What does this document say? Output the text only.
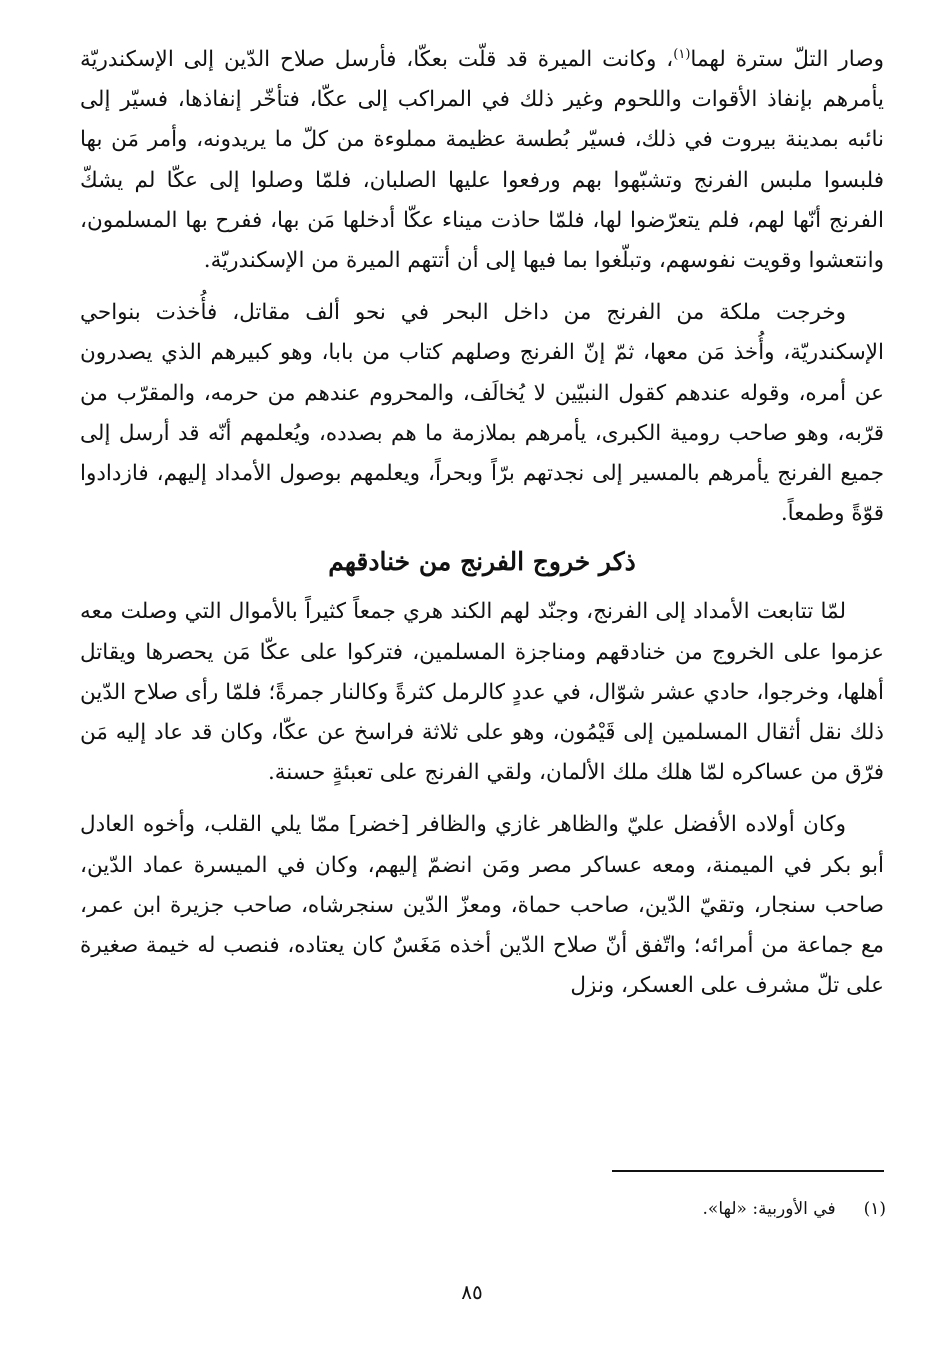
وصار التلّ سترة لهما$^{(١)}$، وكانت الميرة قد قلّت بعكّا، فأرسل صلاح الدّين إلى الإسكندريّة يأمرهم بإنفاذ الأقوات واللحوم وغير ذلك في المراكب إلى عكّا، فتأخّر إنفاذها، فسيّر إلى نائبه بمدينة بيروت في ذلك، فسيّر بُطسة عظيمة مملوءة من كلّ ما يريدونه، وأمر مَن بها فلبسوا ملبس الفرنج وتشبّهوا بهم ورفعوا عليها الصلبان، فلمّا وصلوا إلى عكّا لم يشكّ الفرنج أنّها لهم، فلم يتعرّضوا لها، فلمّا حاذت ميناء عكّا أدخلها مَن بها، ففرح بها المسلمون، وانتعشوا وقويت نفوسهم، وتبلّغوا بما فيها إلى أن أتتهم الميرة من الإسكندريّة.

وخرجت ملكة من الفرنج من داخل البحر في نحو ألف مقاتل، فأُخذت بنواحي الإسكندريّة، وأُخذ مَن معها، ثمّ إنّ الفرنج وصلهم كتاب من بابا، وهو كبيرهم الذي يصدرون عن أمره، وقوله عندهم كقول النبيّين لا يُخالَف، والمحروم عندهم من حرمه، والمقرّب من قرّبه، وهو صاحب رومية الكبرى، يأمرهم بملازمة ما هم بصدده، ويُعلمهم أنّه قد أرسل إلى جميع الفرنج يأمرهم بالمسير إلى نجدتهم برّاً وبحراً، ويعلمهم بوصول الأمداد إليهم، فازدادوا قوّةً وطمعاً.

ذكر خروج الفرنج من خنادقهم

لمّا تتابعت الأمداد إلى الفرنج، وجنّد لهم الكند هري جمعاً كثيراً بالأموال التي وصلت معه عزموا على الخروج من خنادقهم ومناجزة المسلمين، فتركوا على عكّا مَن يحصرها ويقاتل أهلها، وخرجوا، حادي عشر شوّال، في عددٍ كالرمل كثرةً وكالنار جمرةً؛ فلمّا رأى صلاح الدّين ذلك نقل أثقال المسلمين إلى قَيْمُون، وهو على ثلاثة فراسخ عن عكّا، وكان قد عاد إليه مَن فرّق من عساكره لمّا هلك ملك الألمان، ولقي الفرنج على تعبئةٍ حسنة.

وكان أولاده الأفضل عليّ والظاهر غازي والظافر [خضر] ممّا يلي القلب، وأخوه العادل أبو بكر في الميمنة، ومعه عساكر مصر ومَن انضمّ إليهم، وكان في الميسرة عماد الدّين، صاحب سنجار، وتقيّ الدّين، صاحب حماة، ومعزّ الدّين سنجرشاه، صاحب جزيرة ابن عمر، مع جماعة من أمرائه؛ واتّفق أنّ صلاح الدّين أخذه مَغَسٌ كان يعتاده، فنصب له خيمة صغيرة على تلّ مشرف على العسكر، ونزل

(١)في الأوربية: «لها».
٨٥
